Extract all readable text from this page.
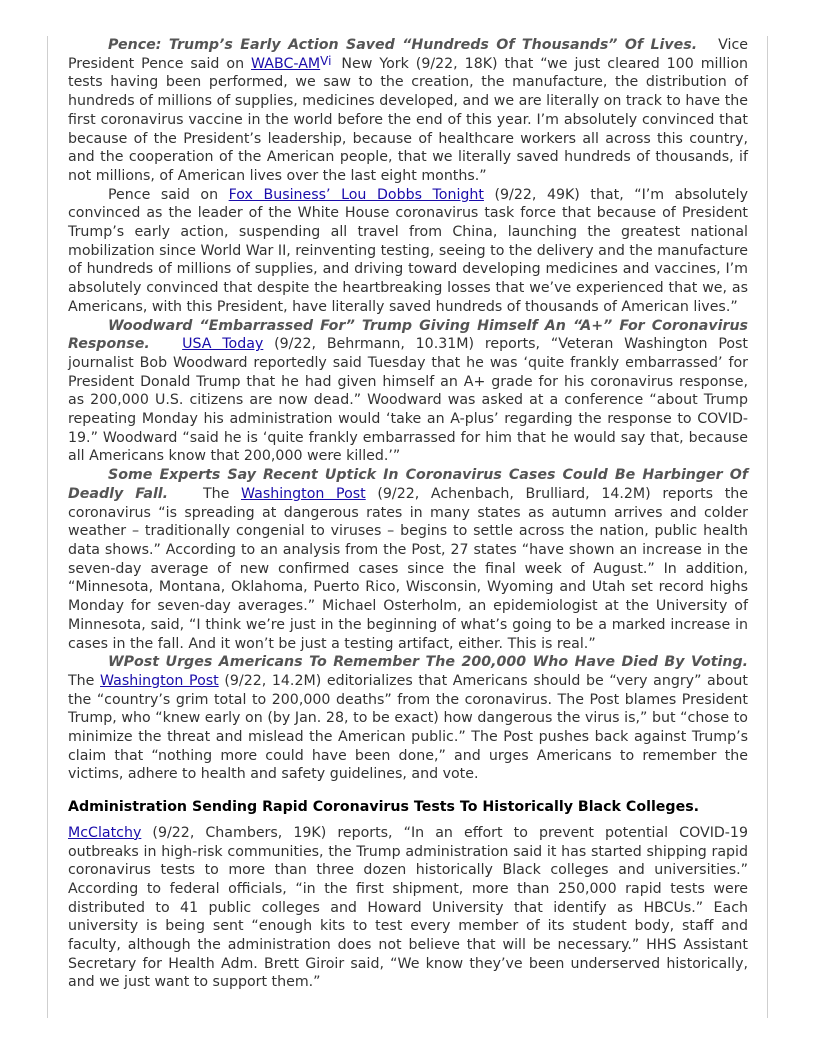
Pence: Trump’s Early Action Saved “Hundreds Of Thousands” Of Lives. Vice President Pence said on WABC-$AM^{Vi}$ New York (9/22, 18K) that “we just cleared 100 million tests having been performed, we saw to the creation, the manufacture, the distribution of hundreds of millions of supplies, medicines developed, and we are literally on track to have the first coronavirus vaccine in the world before the end of this year. I’m absolutely convinced that because of the President’s leadership, because of healthcare workers all across this country, and the cooperation of the American people, that we literally saved hundreds of thousands, if not millions, of American lives over the last eight months.”

Pence said on Fox Business’ Lou Dobbs Tonight (9/22, 49K) that, “I’m absolutely convinced as the leader of the White House coronavirus task force that because of President Trump’s early action, suspending all travel from China, launching the greatest national mobilization since World War II, reinventing testing, seeing to the delivery and the manufacture of hundreds of millions of supplies, and driving toward developing medicines and vaccines, I’m absolutely convinced that despite the heartbreaking losses that we’ve experienced that we, as Americans, with this President, have literally saved hundreds of thousands of American lives.”

Woodward “Embarrassed For” Trump Giving Himself An “A+” For Coronavirus Response. USA Today (9/22, Behrmann, 10.31M) reports, “Veteran Washington Post journalist Bob Woodward reportedly said Tuesday that he was ‘quite frankly embarrassed’ for President Donald Trump that he had given himself an A+ grade for his coronavirus response, as 200,000 U.S. citizens are now dead.” Woodward was asked at a conference “about Trump repeating Monday his administration would ‘take an A-plus’ regarding the response to COVID-19.” Woodward “said he is ‘quite frankly embarrassed for him that he would say that, because all Americans know that 200,000 were killed.’”

Some Experts Say Recent Uptick In Coronavirus Cases Could Be Harbinger Of Deadly Fall. The Washington Post (9/22, Achenbach, Brulliard, 14.2M) reports the coronavirus “is spreading at dangerous rates in many states as autumn arrives and colder weather – traditionally congenial to viruses – begins to settle across the nation, public health data shows.” According to an analysis from the Post, 27 states “have shown an increase in the seven-day average of new confirmed cases since the final week of August.” In addition, “Minnesota, Montana, Oklahoma, Puerto Rico, Wisconsin, Wyoming and Utah set record highs Monday for seven-day averages.” Michael Osterholm, an epidemiologist at the University of Minnesota, said, “I think we’re just in the beginning of what’s going to be a marked increase in cases in the fall. And it won’t be just a testing artifact, either. This is real.”

WPost Urges Americans To Remember The 200,000 Who Have Died By Voting. The Washington Post (9/22, 14.2M) editorializes that Americans should be “very angry” about the “country’s grim total to 200,000 deaths” from the coronavirus. The Post blames President Trump, who “knew early on (by Jan. 28, to be exact) how dangerous the virus is,” but “chose to minimize the threat and mislead the American public.” The Post pushes back against Trump’s claim that “nothing more could have been done,” and urges Americans to remember the victims, adhere to health and safety guidelines, and vote.

Administration Sending Rapid Coronavirus Tests To Historically Black Colleges.

McClatchy (9/22, Chambers, 19K) reports, “In an effort to prevent potential COVID-19 outbreaks in high-risk communities, the Trump administration said it has started shipping rapid coronavirus tests to more than three dozen historically Black colleges and universities.” According to federal officials, “in the first shipment, more than 250,000 rapid tests were distributed to 41 public colleges and Howard University that identify as HBCUs.” Each university is being sent “enough kits to test every member of its student body, staff and faculty, although the administration does not believe that will be necessary.” HHS Assistant Secretary for Health Adm. Brett Giroir said, “We know they’ve been underserved historically, and we just want to support them.”
